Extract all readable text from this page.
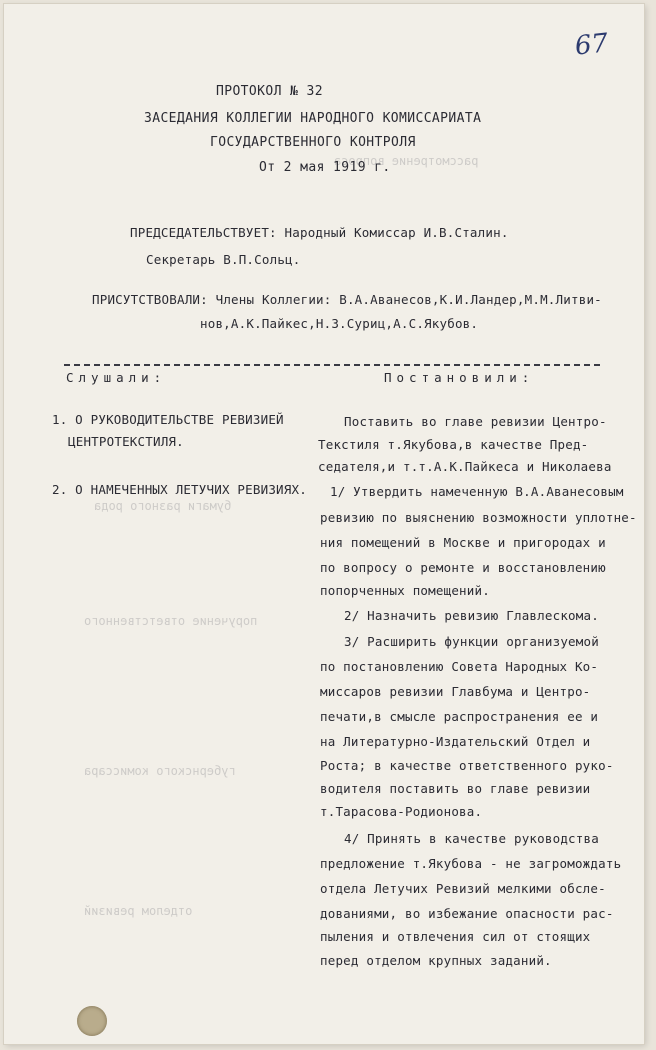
рассмотрение вопроса
бумаги разного рода
поручение ответственного
губернского комиссара
отделом ревизий
67
ПРОТОКОЛ № 32
ЗАСЕДАНИЯ КОЛЛЕГИИ НАРОДНОГО КОМИССАРИАТА
ГОСУДАРСТВЕННОГО КОНТРОЛЯ
От 2 мая 1919 г.
ПРЕДСЕДАТЕЛЬСТВУЕТ: Народный Комиссар И.В.Сталин.
Секретарь В.П.Сольц.
ПРИСУТСТВОВАЛИ: Члены Коллегии: В.А.Аванесов,К.И.Ландер,М.М.Литви-
нов,А.К.Пайкес,Н.З.Суриц,А.С.Якубов.
Слушали:	Постановили:
1. О РУКОВОДИТЕЛЬСТВЕ РЕВИЗИЕЙ
ЦЕНТРОТЕКСТИЛЯ.
2. О НАМЕЧЕННЫХ ЛЕТУЧИХ РЕВИЗИЯХ.
Поставить во главе ревизии Центро-
Текстиля т.Якубова,в качестве Пред-
седателя,и т.т.А.К.Пайкеса и Николаева
1/ Утвердить намеченную В.А.Аванесовым
ревизию по выяснению возможности уплотне-
ния помещений в Москве и пригородах и
по вопросу о ремонте и восстановлению
попорченных помещений.
2/ Назначить ревизию Главлескома.
3/ Расширить функции организуемой
по постановлению Совета Народных Ко-
миссаров ревизии Главбума и Центро-
печати,в смысле распространения ее и
на Литературно-Издательский Отдел и
Роста; в качестве ответственного руко-
водителя поставить во главе ревизии
т.Тарасова-Родионова.
4/ Принять в качестве руководства
предложение т.Якубова - не загромождать
отдела Летучих Ревизий мелкими обсле-
дованиями, во избежание опасности рас-
пыления и отвлечения сил от стоящих
перед отделом крупных заданий.
